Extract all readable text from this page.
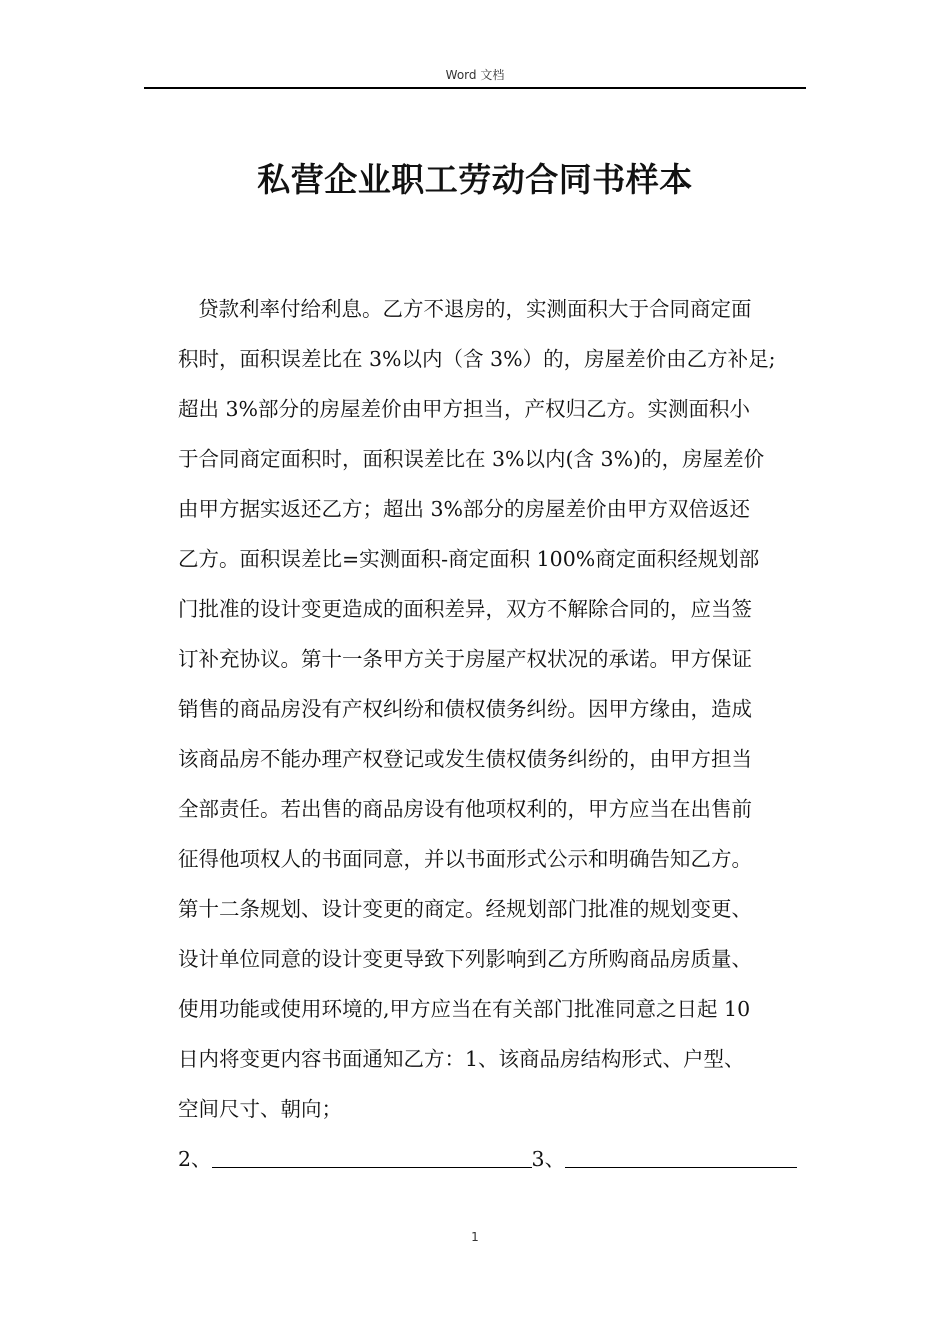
Word 文档
私营企业职工劳动合同书样本
贷款利率付给利息。乙方不退房的，实测面积大于合同商定面
积时，面积误差比在 3%以内（含 3%）的，房屋差价由乙方补足;
超出 3%部分的房屋差价由甲方担当，产权归乙方。实测面积小
于合同商定面积时，面积误差比在 3%以内(含 3%)的，房屋差价
由甲方据实返还乙方；超出 3%部分的房屋差价由甲方双倍返还
乙方。面积误差比=实测面积-商定面积 100%商定面积经规划部
门批准的设计变更造成的面积差异，双方不解除合同的，应当签
订补充协议。第十一条甲方关于房屋产权状况的承诺。甲方保证
销售的商品房没有产权纠纷和债权债务纠纷。因甲方缘由，造成
该商品房不能办理产权登记或发生债权债务纠纷的，由甲方担当
全部责任。若出售的商品房设有他项权利的，甲方应当在出售前
征得他项权人的书面同意，并以书面形式公示和明确告知乙方。
第十二条规划、设计变更的商定。经规划部门批准的规划变更、
设计单位同意的设计变更导致下列影响到乙方所购商品房质量、
使用功能或使用环境的,甲方应当在有关部门批准同意之日起 10
日内将变更内容书面通知乙方：1、该商品房结构形式、户型、
空间尺寸、朝向；
2、	3、
1
